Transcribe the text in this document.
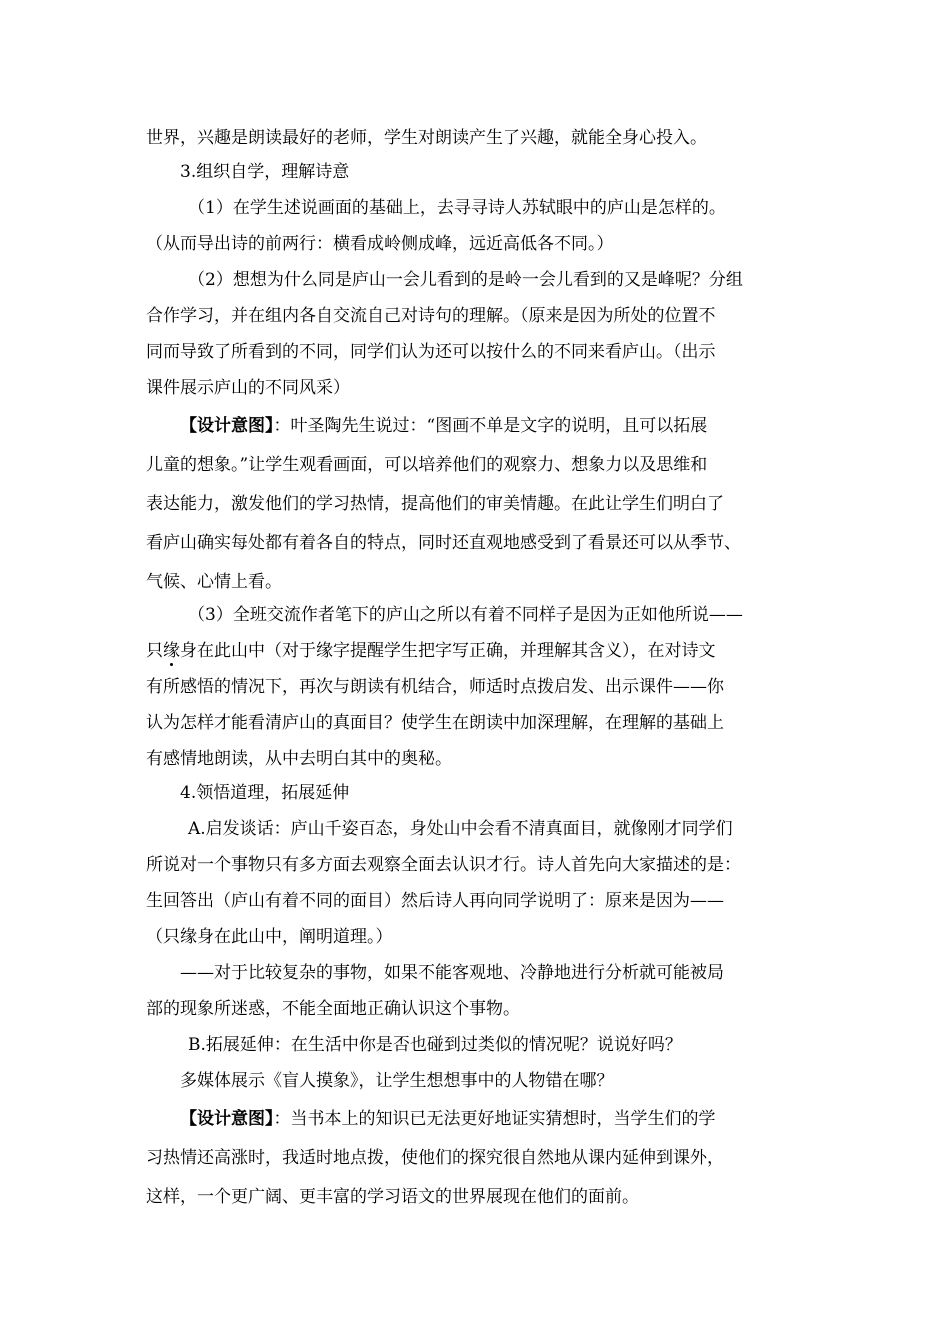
世界，兴趣是朗读最好的老师，学生对朗读产生了兴趣，就能全身心投入。
3.组织自学，理解诗意
（1）在学生述说画面的基础上，去寻寻诗人苏轼眼中的庐山是怎样的。
（从而导出诗的前两行：横看成岭侧成峰，远近高低各不同。）
（2）想想为什么同是庐山一会儿看到的是岭一会儿看到的又是峰呢？分组
合作学习，并在组内各自交流自己对诗句的理解。（原来是因为所处的位置不
同而导致了所看到的不同，同学们认为还可以按什么的不同来看庐山。（出示
课件展示庐山的不同风采）
【设计意图】：叶圣陶先生说过：“图画不单是文字的说明，且可以拓展
儿童的想象。”让学生观看画面，可以培养他们的观察力、想象力以及思维和
表达能力，激发他们的学习热情，提高他们的审美情趣。在此让学生们明白了
看庐山确实每处都有着各自的特点，同时还直观地感受到了看景还可以从季节、
气候、心情上看。
（3）全班交流作者笔下的庐山之所以有着不同样子是因为正如他所说——
只缘身在此山中（对于缘字提醒学生把字写正确，并理解其含义），在对诗文
有所感悟的情况下，再次与朗读有机结合，师适时点拨启发、出示课件——你
认为怎样才能看清庐山的真面目？使学生在朗读中加深理解，在理解的基础上
有感情地朗读，从中去明白其中的奥秘。
4.领悟道理，拓展延伸
A.启发谈话：庐山千姿百态，身处山中会看不清真面目，就像刚才同学们
所说对一个事物只有多方面去观察全面去认识才行。诗人首先向大家描述的是：
生回答出（庐山有着不同的面目）然后诗人再向同学说明了：原来是因为——
（只缘身在此山中，阐明道理。）
——对于比较复杂的事物，如果不能客观地、冷静地进行分析就可能被局
部的现象所迷惑，不能全面地正确认识这个事物。
B.拓展延伸：在生活中你是否也碰到过类似的情况呢？说说好吗？
多媒体展示《盲人摸象》，让学生想想事中的人物错在哪？
【设计意图】：当书本上的知识已无法更好地证实猜想时，当学生们的学
习热情还高涨时，我适时地点拨，使他们的探究很自然地从课内延伸到课外，
这样，一个更广阔、更丰富的学习语文的世界展现在他们的面前。
